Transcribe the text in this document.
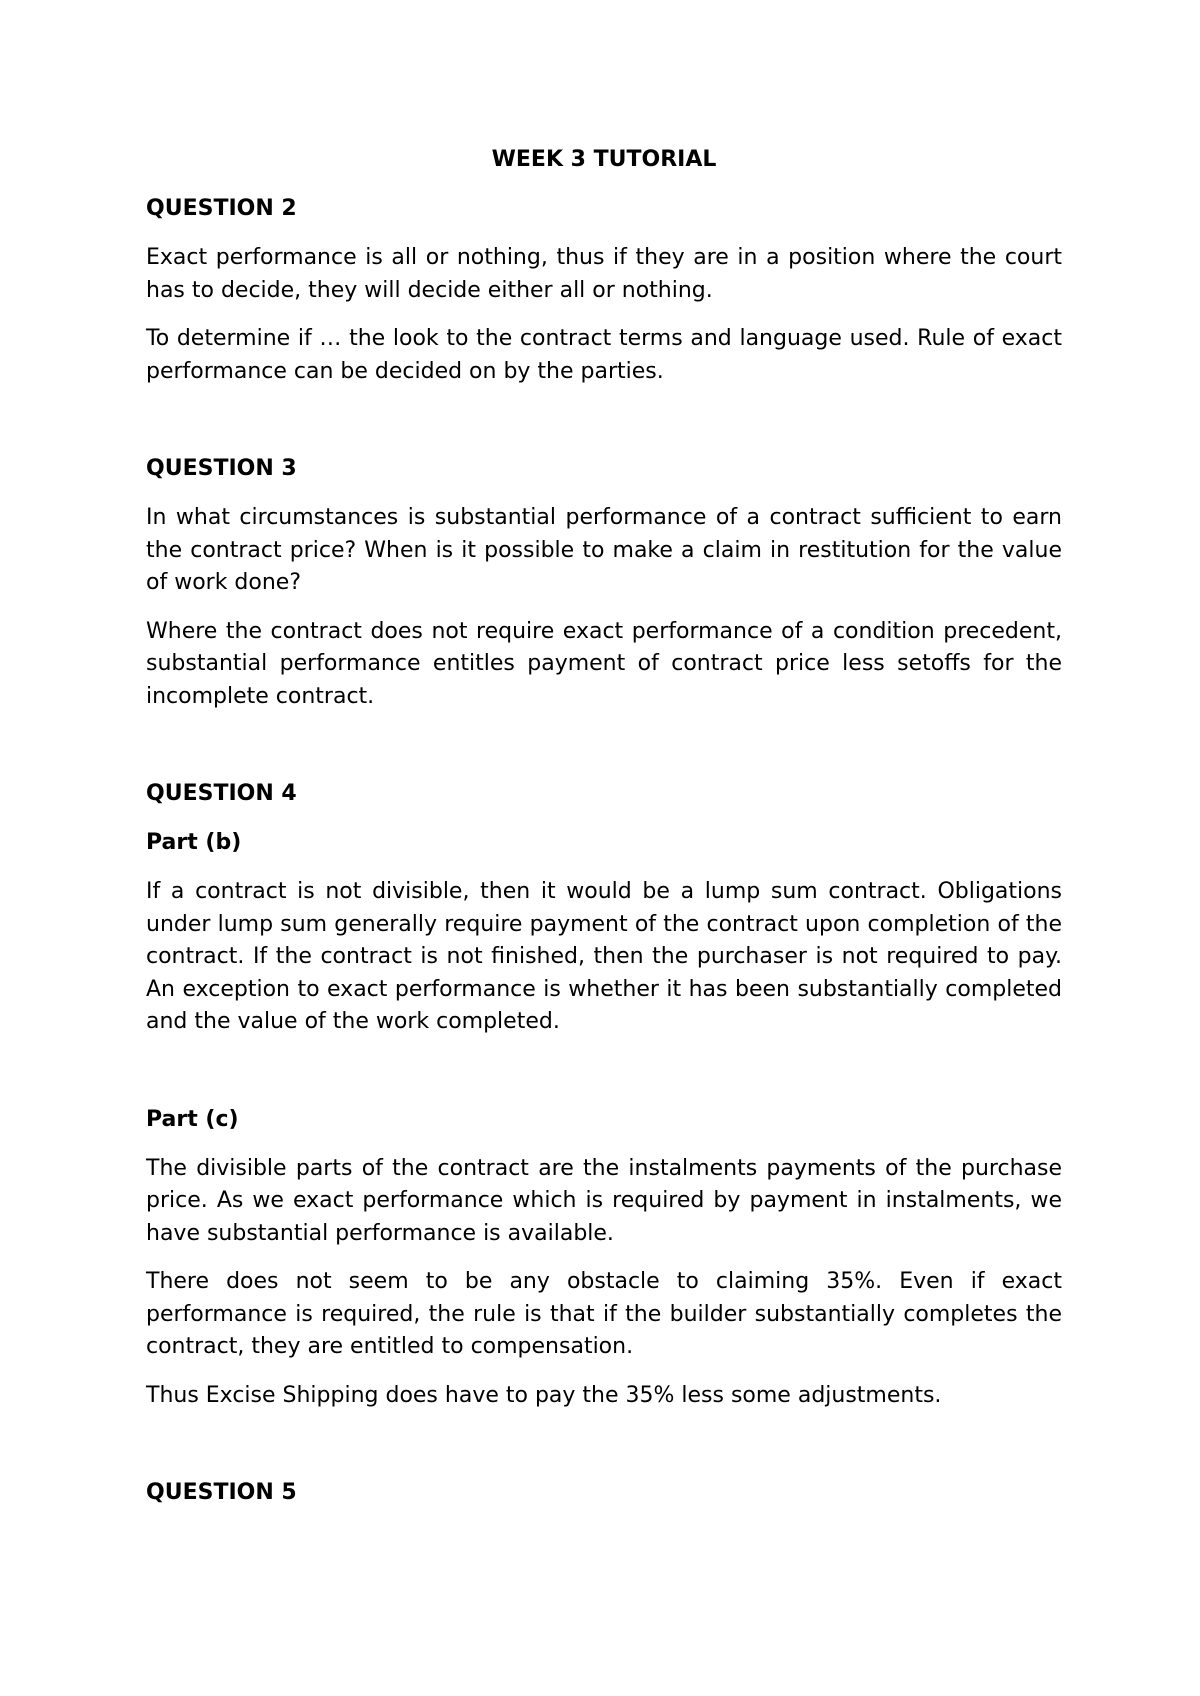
WEEK 3 TUTORIAL
QUESTION 2

Exact performance is all or nothing, thus if they are in a position where the court has to decide, they will decide either all or nothing.

To determine if … the look to the contract terms and language used. Rule of exact performance can be decided on by the parties.

QUESTION 3

In what circumstances is substantial performance of a contract sufficient to earn the contract price? When is it possible to make a claim in restitution for the value of work done?

Where the contract does not require exact performance of a condition precedent, substantial performance entitles payment of contract price less setoffs for the incomplete contract.

QUESTION 4
Part (b)

If a contract is not divisible, then it would be a lump sum contract. Obligations under lump sum generally require payment of the contract upon completion of the contract. If the contract is not finished, then the purchaser is not required to pay. An exception to exact performance is whether it has been substantially completed and the value of the work completed.

Part (c)

The divisible parts of the contract are the instalments payments of the purchase price. As we exact performance which is required by payment in instalments, we have substantial performance is available.

There does not seem to be any obstacle to claiming 35%. Even if exact performance is required, the rule is that if the builder substantially completes the contract, they are entitled to compensation.

Thus Excise Shipping does have to pay the 35% less some adjustments.

QUESTION 5
